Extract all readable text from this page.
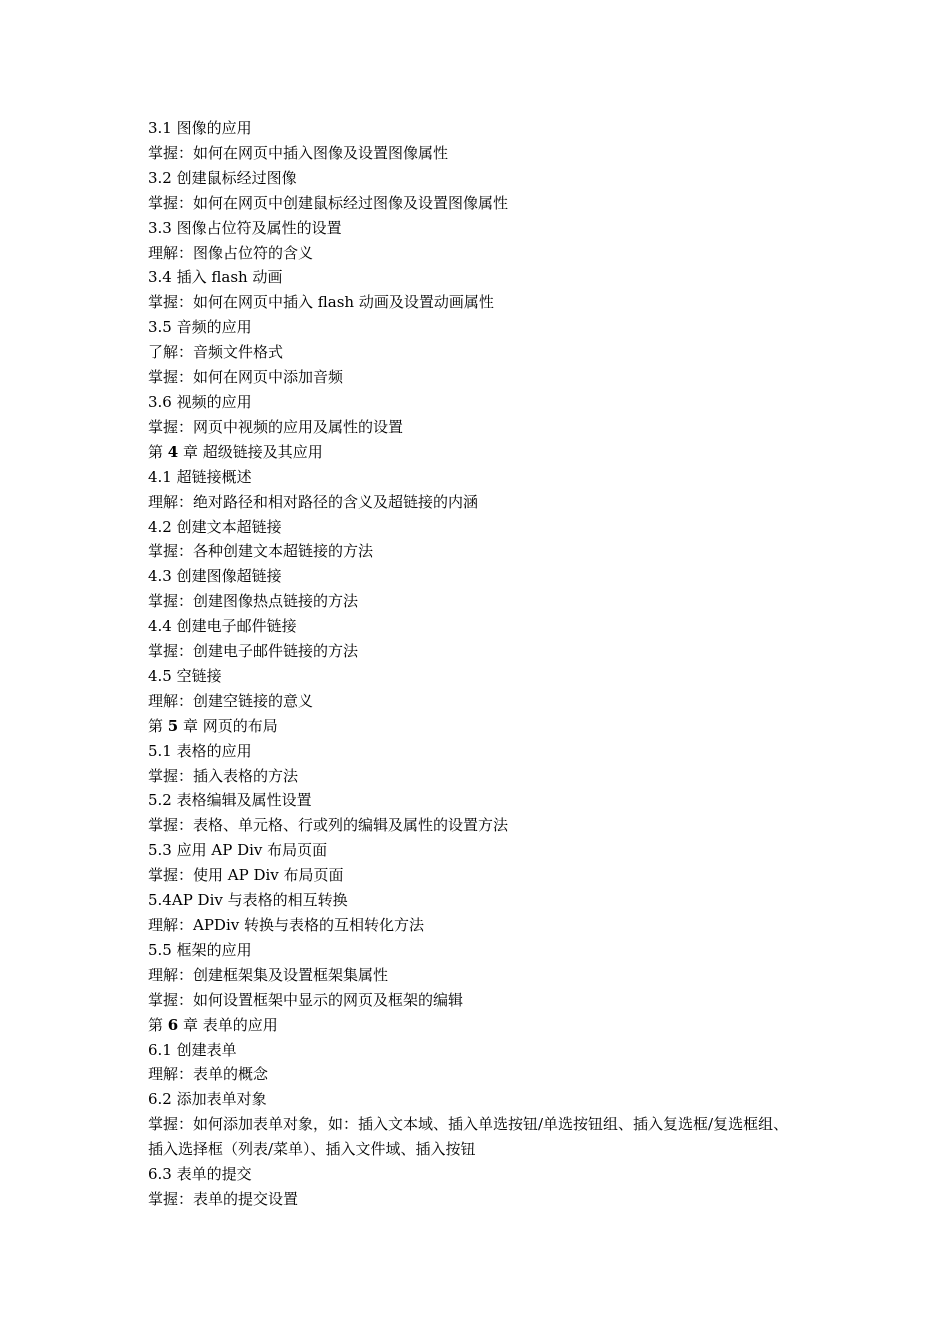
3.1 图像的应用

掌握：如何在网页中插入图像及设置图像属性

3.2 创建鼠标经过图像

掌握：如何在网页中创建鼠标经过图像及设置图像属性

3.3 图像占位符及属性的设置

理解：图像占位符的含义

3.4 插入 flash 动画

掌握：如何在网页中插入 flash 动画及设置动画属性

3.5 音频的应用

了解：音频文件格式

掌握：如何在网页中添加音频

3.6 视频的应用

掌握：网页中视频的应用及属性的设置

第 4 章 超级链接及其应用

4.1 超链接概述

理解：绝对路径和相对路径的含义及超链接的内涵

4.2 创建文本超链接

掌握：各种创建文本超链接的方法

4.3 创建图像超链接

掌握：创建图像热点链接的方法

4.4 创建电子邮件链接

掌握：创建电子邮件链接的方法

4.5 空链接

理解：创建空链接的意义

第 5 章 网页的布局

5.1 表格的应用

掌握：插入表格的方法

5.2 表格编辑及属性设置

掌握：表格、单元格、行或列的编辑及属性的设置方法

5.3 应用 AP Div 布局页面

掌握：使用 AP Div 布局页面

5.4AP Div 与表格的相互转换

理解：APDiv 转换与表格的互相转化方法

5.5 框架的应用

理解：创建框架集及设置框架集属性

掌握：如何设置框架中显示的网页及框架的编辑

第 6 章 表单的应用

6.1 创建表单

理解：表单的概念

6.2 添加表单对象

掌握：如何添加表单对象，如：插入文本域、插入单选按钮/单选按钮组、插入复选框/复选框组、

插入选择框（列表/菜单）、插入文件域、插入按钮

6.3 表单的提交

掌握：表单的提交设置
